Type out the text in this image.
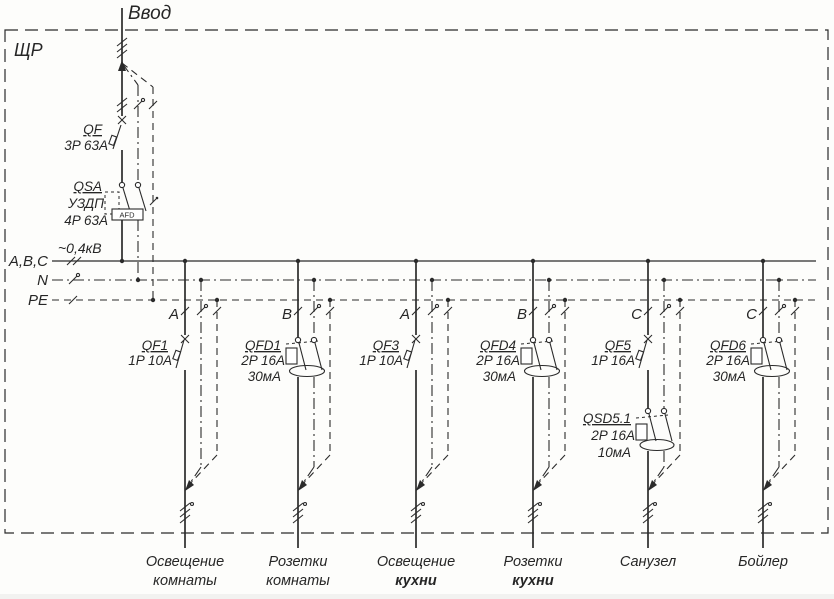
ЩР
Ввод
QF
3P 63A
AFD
QSA
УЗДП
4P 63A
A,B,C
N
PE
~0,4кВ
A
QF1
1P 10A
Освещение
комнаты
B
QFD1
2P 16A
30мА
Розетки
комнаты
A
QF3
1P 10A
Освещение
кухни
B
QFD4
2P 16A
30мА
Розетки
кухни
C
QF5
1P 16A
QSD5.1
2P 16A
10мА
Санузел
C
QFD6
2P 16A
30мА
Бойлер
